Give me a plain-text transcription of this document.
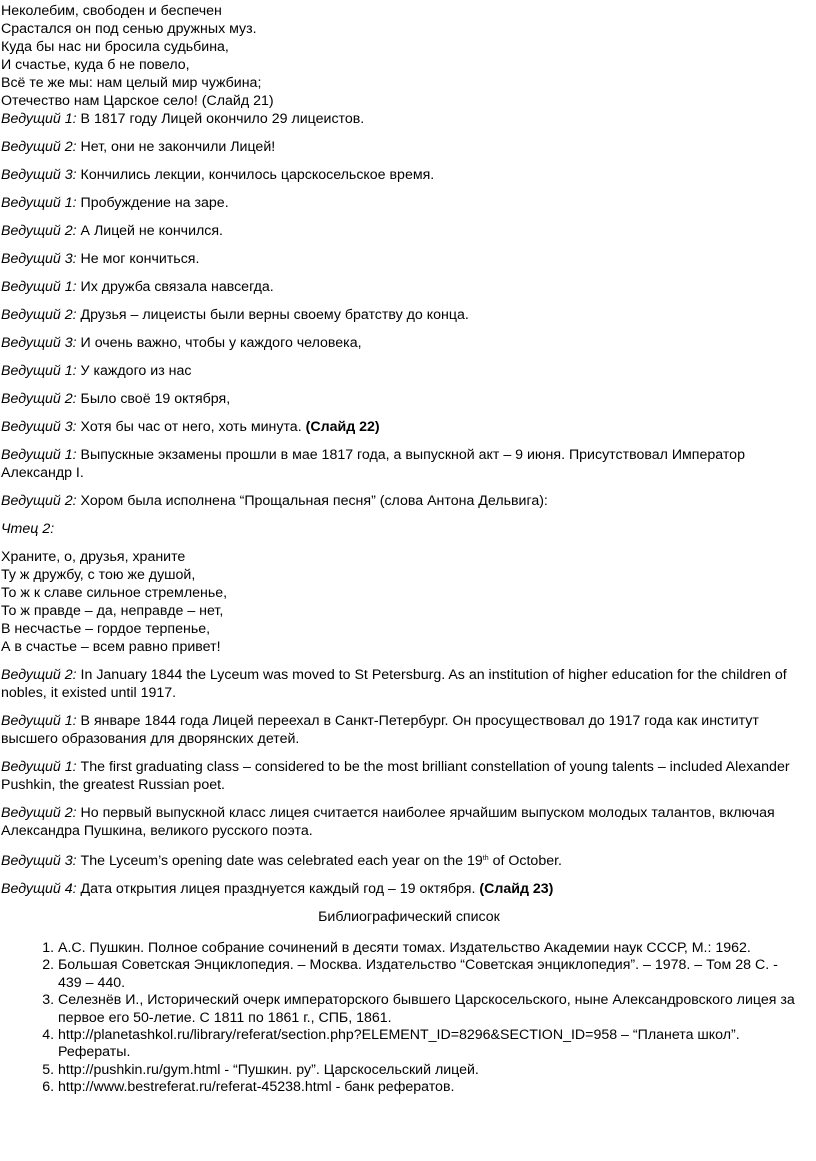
Неколебим, свободен и беспечен
Срастался он под сенью дружных муз.
Куда бы нас ни бросила судьбина,
И счастье, куда б не повело,
Всё те же мы: нам целый мир чужбина;
Отечество нам Царское село! (Слайд 21)

Ведущий 1: В 1817 году Лицей окончило 29 лицеистов.

Ведущий 2: Нет, они не закончили Лицей!

Ведущий 3: Кончились лекции, кончилось царскосельское время.

Ведущий 1: Пробуждение на заре.

Ведущий 2: А Лицей не кончился.

Ведущий 3: Не мог кончиться.

Ведущий 1: Их дружба связала навсегда.

Ведущий 2: Друзья – лицеисты были верны своему братству до конца.

Ведущий 3: И очень важно, чтобы у каждого человека,

Ведущий 1: У каждого из нас

Ведущий 2: Было своё 19 октября,

Ведущий 3: Хотя бы час от него, хоть минута. (Слайд 22)

Ведущий 1: Выпускные экзамены прошли в мае 1817 года, а выпускной акт – 9 июня. Присутствовал Император Александр I.

Ведущий 2: Хором была исполнена “Прощальная песня” (слова Антона Дельвига):

Чтец 2:

Храните, о, друзья, храните
Ту ж дружбу, с тою же душой,
То ж к славе сильное стремленье,
То ж правде – да, неправде – нет,
В несчастье – гордое терпенье,
А в счастье – всем равно привет!

Ведущий 2: In January 1844 the Lyceum was moved to St Petersburg. As an institution of higher education for the children of nobles, it existed until 1917.

Ведущий 1: В январе 1844 года Лицей переехал в Санкт-Петербург. Он просуществовал до 1917 года как институт высшего образования для дворянских детей.

Ведущий 1: The first graduating class – considered to be the most brilliant constellation of young talents – included Alexander Pushkin, the greatest Russian poet.

Ведущий 2: Но первый выпускной класс лицея считается наиболее ярчайшим выпуском молодых талантов, включая Александра Пушкина, великого русского поэта.

Ведущий 3: The Lyceum’s opening date was celebrated each year on the 19th of October.

Ведущий 4: Дата открытия лицея празднуется каждый год – 19 октября. (Слайд 23)

Библиографический список
1. А.С. Пушкин. Полное собрание сочинений в десяти томах. Издательство Академии наук СССР, М.: 1962.
2. Большая Советская Энциклопедия. – Москва. Издательство “Советская энциклопедия”. – 1978. – Том 28 С. - 439 – 440.
3. Селезнёв И., Исторический очерк императорского бывшего Царскосельского, ныне Александровского лицея за первое его 50-летие. С 1811 по 1861 г., СПБ, 1861.
4. http://planetashkol.ru/library/referat/section.php?ELEMENT_ID=8296&SECTION_ID=958 – “Планета школ”. Рефераты.
5. http://pushkin.ru/gym.html - “Пушкин. ру”. Царскосельский лицей.
6. http://www.bestreferat.ru/referat-45238.html - банк рефератов.
